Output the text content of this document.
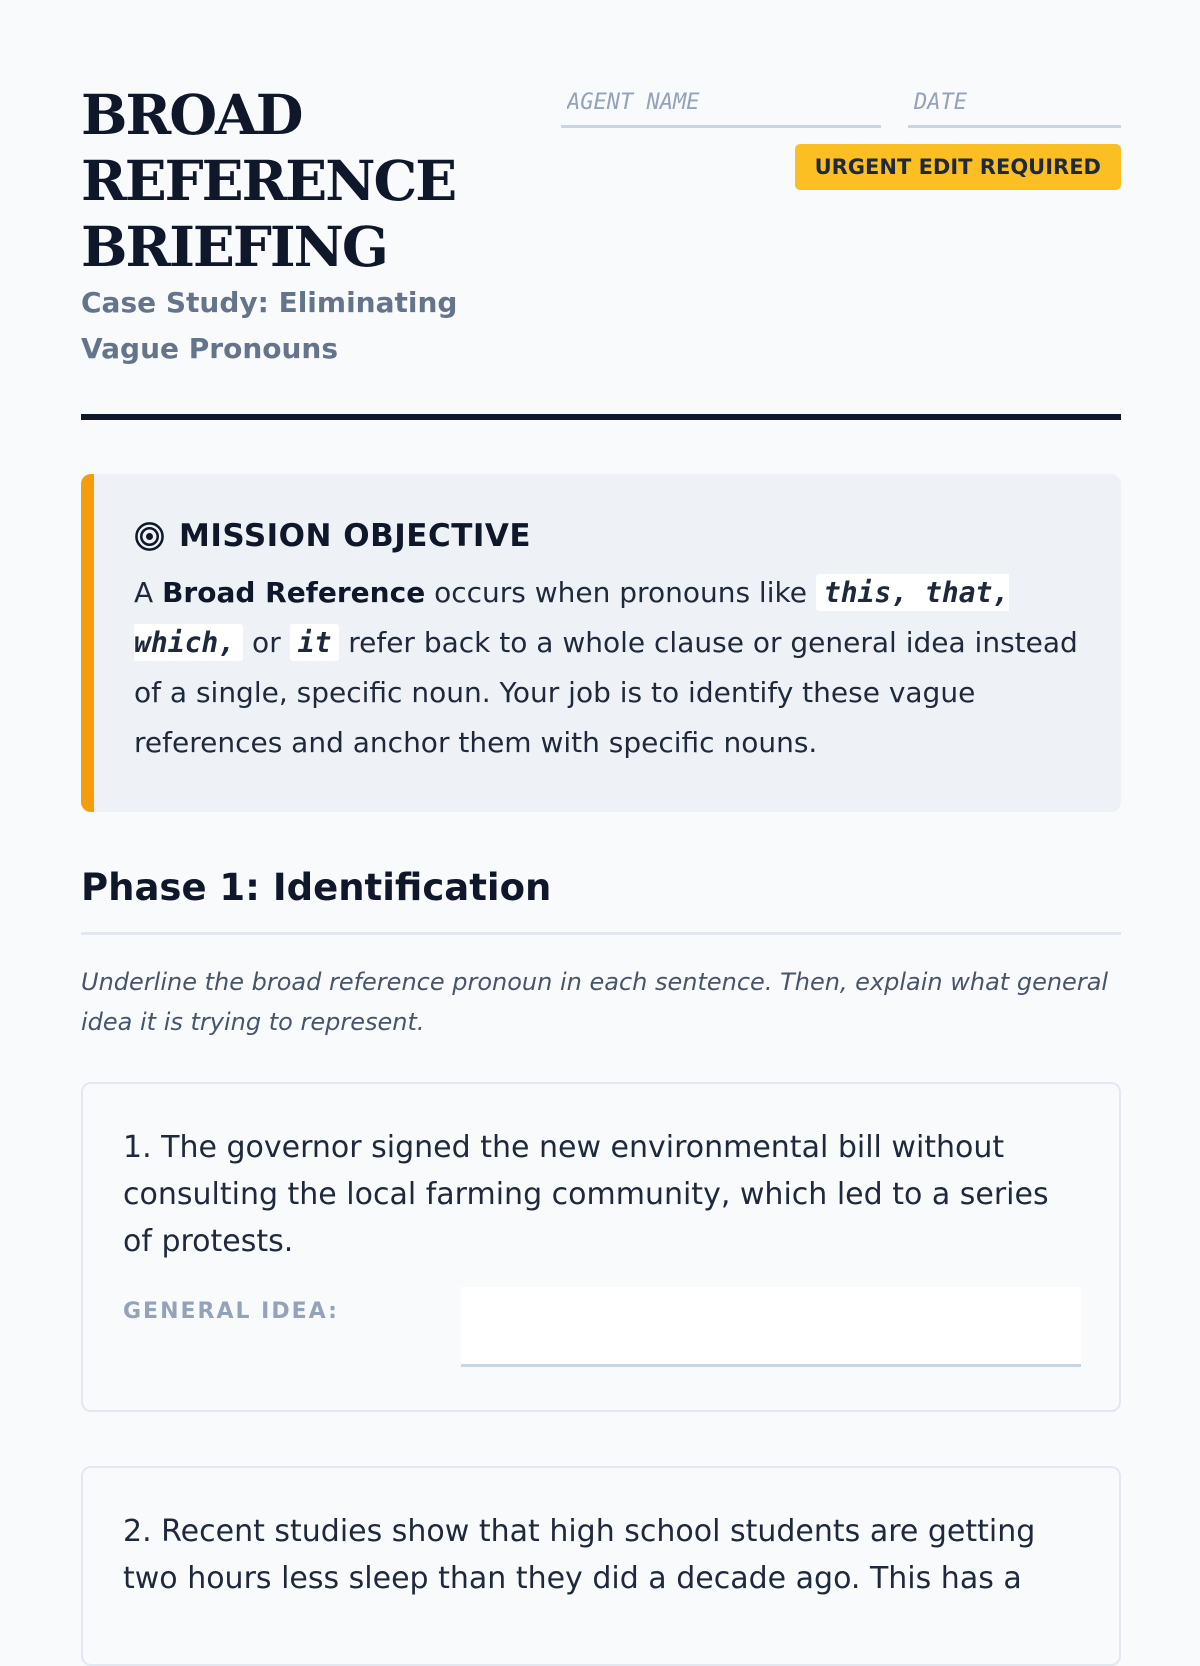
BROAD
REFERENCE
BRIEFING

Case Study: Eliminating Vague Pronouns

AGENT NAME
DATE
URGENT EDIT REQUIRED
MISSION OBJECTIVE
A Broad Reference occurs when pronouns like this, that, which, or it refer back to a whole clause or general idea instead of a single, specific noun. Your job is to identify these vague references and anchor them with specific nouns.
Phase 1: Identification
Underline the broad reference pronoun in each sentence. Then, explain what general idea it is trying to represent.
1. The governor signed the new environmental bill without consulting the local farming community, which led to a series of protests.
GENERAL IDEA:
2. Recent studies show that high school students are getting two hours less sleep than they did a decade ago. This has a
